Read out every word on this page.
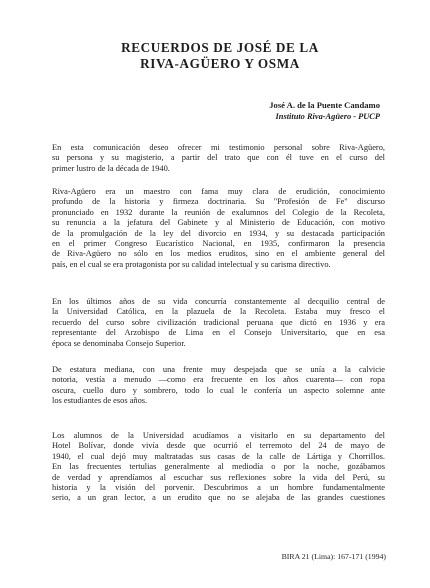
RECUERDOS DE JOSÉ DE LA
RIVA-AGÜERO Y OSMA
José A. de la Puente Candamo
Instituto Riva-Agüero - PUCP
En esta comunicación deseo ofrecer mi testimonio personal sobre Riva-Agüero,
su persona y su magisterio, a partir del trato que con él tuve en el curso del
primer lustro de la década de 1940.
Riva-Agüero era un maestro con fama muy clara de erudición, conocimiento
profundo de la historia y firmeza doctrinaria. Su "Profesión de Fe" discurso
pronunciado en 1932 durante la reunión de exalumnos del Colegio de la Recoleta,
su renuncia a la jefatura del Gabinete y al Ministerio de Educación, con motivo
de la promulgación de la ley del divorcio en 1934, y su destacada participación
en el primer Congreso Eucarístico Nacional, en 1935, confirmaron la presencia
de Riva-Agüero no sólo en los medios eruditos, sino en el ambiente general del
país, en el cual se era protagonista por su calidad intelectual y su carisma directivo.
En los últimos años de su vida concurría constantemente al decquilio central de
la Universidad Católica, en la plazuela de la Recoleta. Estaba muy fresco el
recuerdo del curso sobre civilización tradicional peruana que dictó en 1936 y era
representante del Arzobispo de Lima en el Consejo Universitario, que en esa
época se denominaba Consejo Superior.
De estatura mediana, con una frente muy despejada que se unía a la calvicie
notoria, vestía a menudo —como era frecuente en los años cuarenta— con ropa
oscura, cuello duro y sombrero, todo lo cual le confería un aspecto solemne ante
los estudiantes de esos años.
Los alumnos de la Universidad acudíamos a visitarlo en su departamento del
Hotel Bolívar, donde vivía desde que ocurrió el terremoto del 24 de mayo de
1940, el cual dejó muy maltratadas sus casas de la calle de Lártiga y Chorrillos.
En las frecuentes tertulias generalmente al mediodía o por la noche, gozábamos
de verdad y aprendíamos al escuchar sus reflexiones sobre la vida del Perú, su
historia y la visión del porvenir. Descubrimos a un hombre fundamentalmente
serio, a un gran lector, a un erudito que no se alejaba de las grandes cuestiones
BIRA 21 (Lima): 167-171 (1994)
